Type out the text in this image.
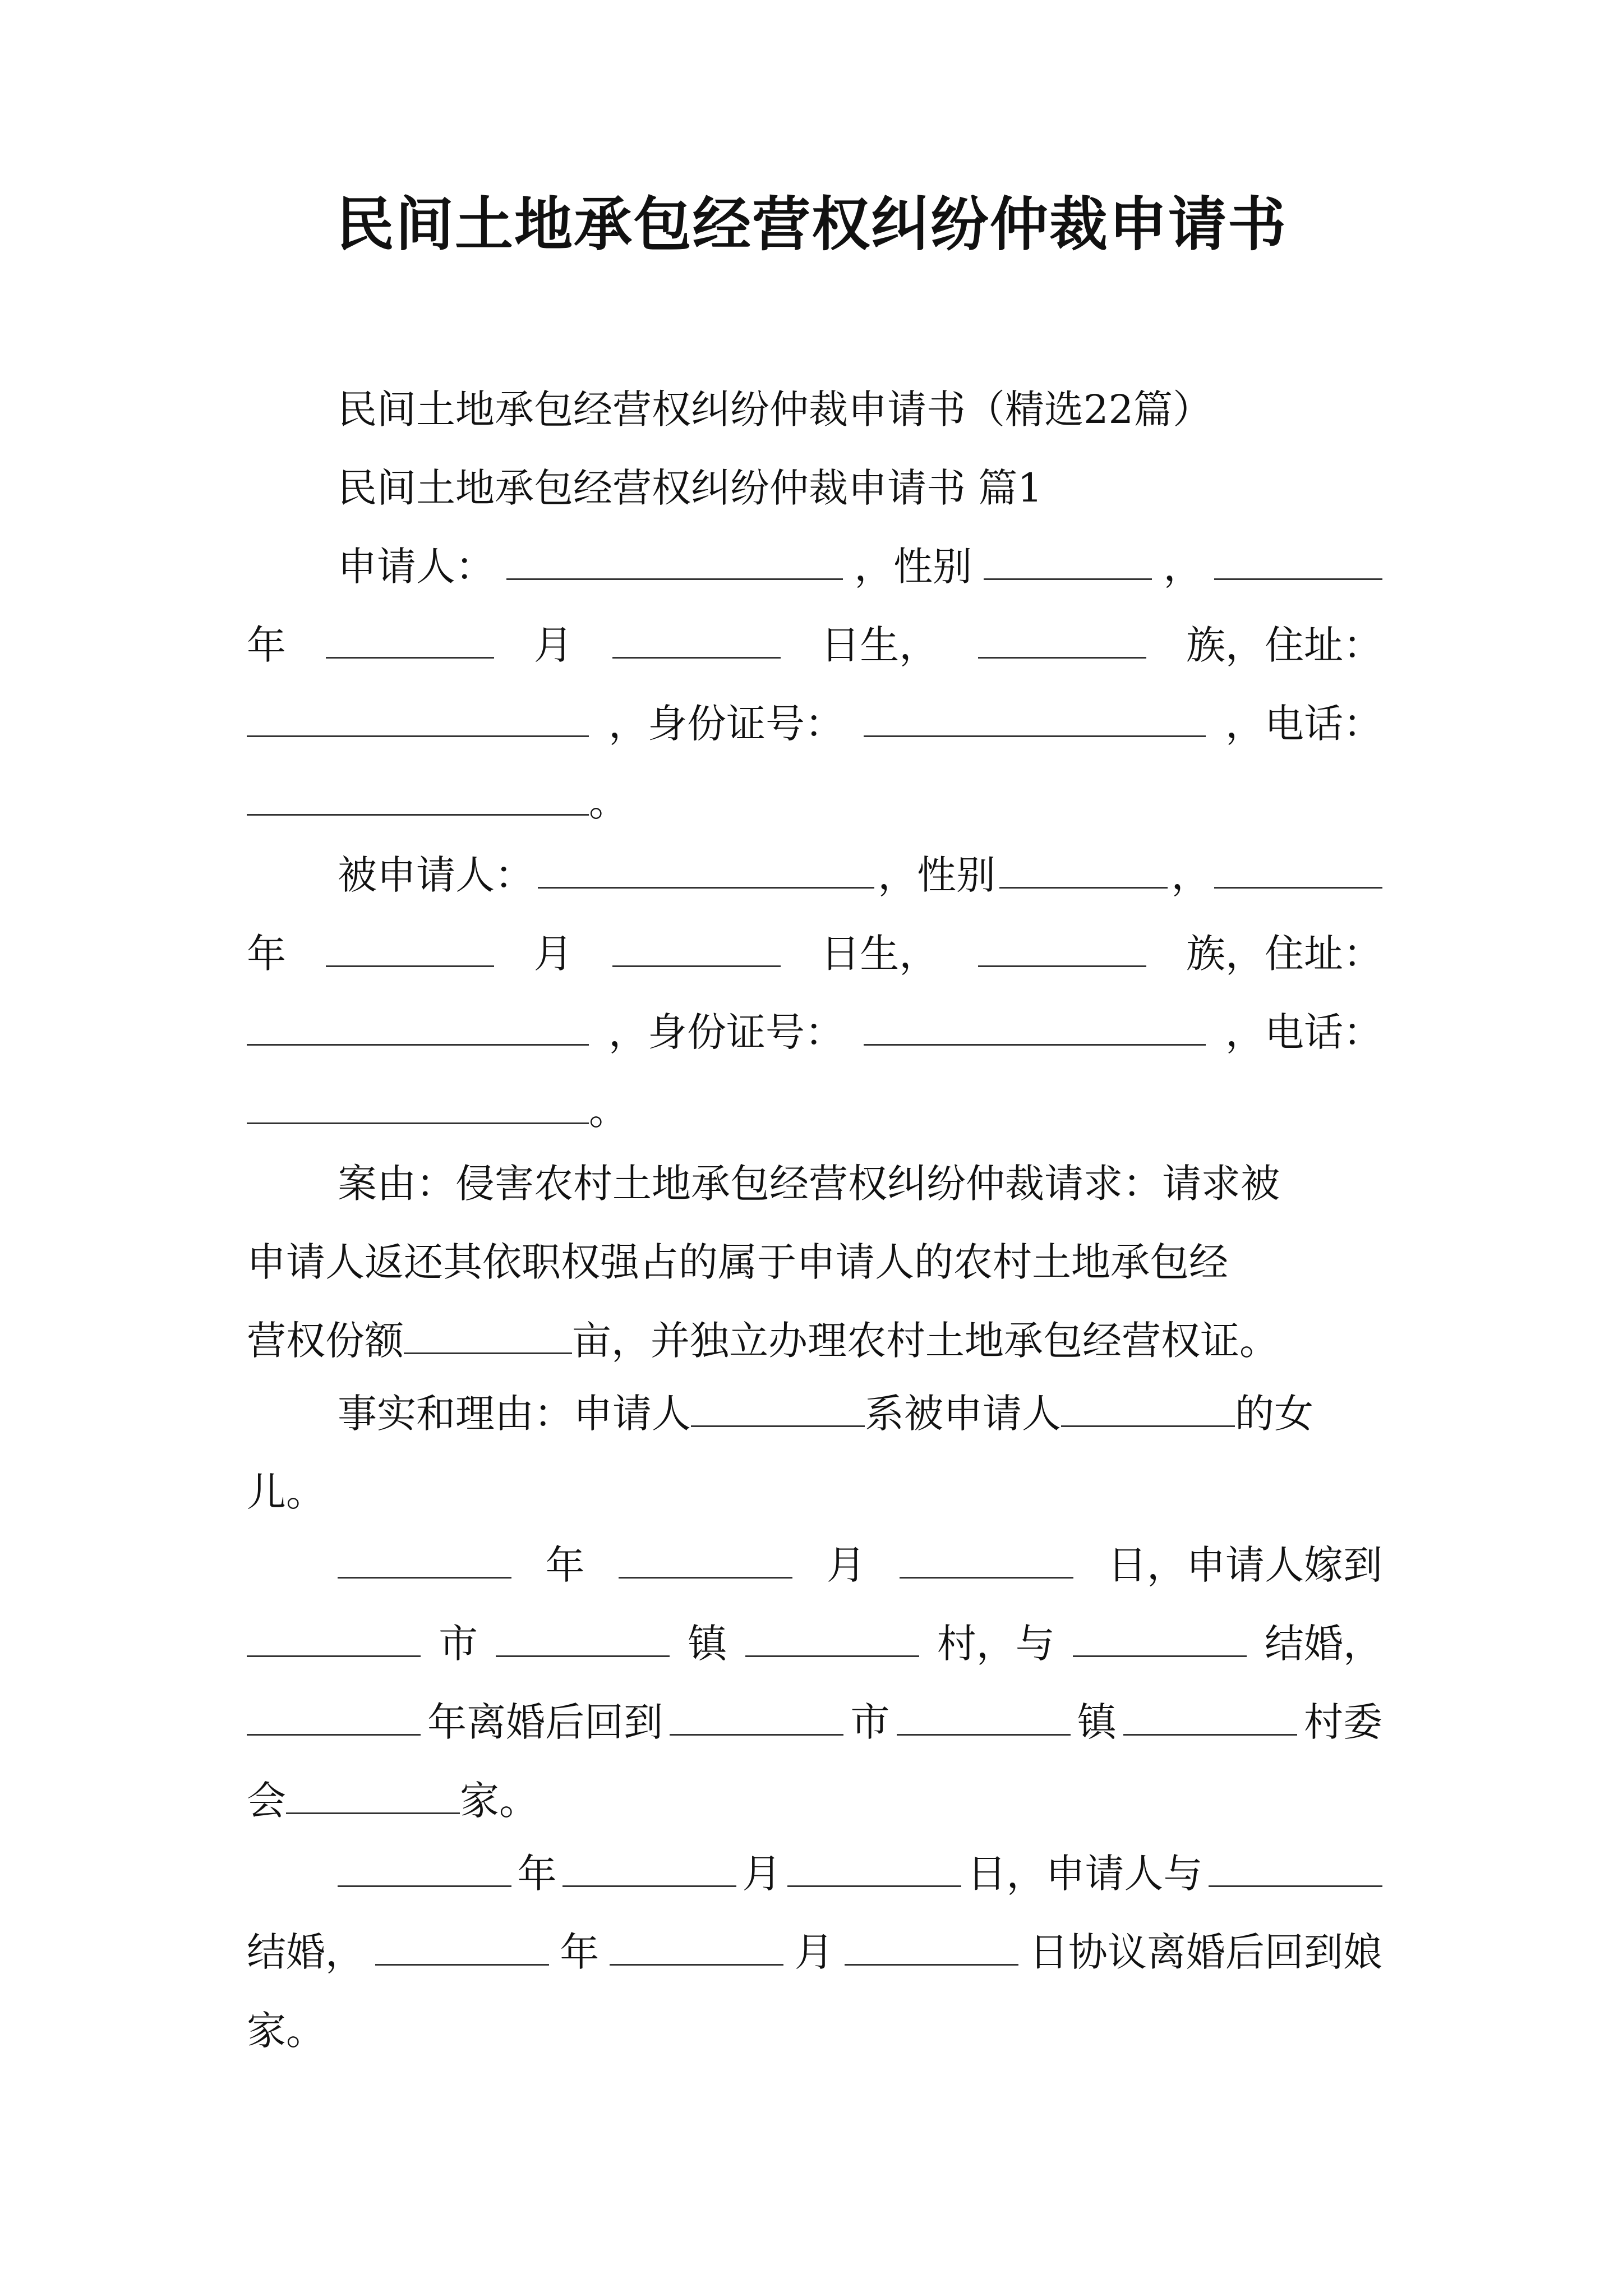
民间土地承包经营权纠纷仲裁申请书
民间土地承包经营权纠纷仲裁申请书（精选22篇）
民间土地承包经营权纠纷仲裁申请书 篇1
申请人：	，性别	，
年	月	日生，	族，住址：
，身份证号：	，电话：
。
被申请人：	，性别	，
年	月	日生，	族，住址：
，身份证号：	，电话：
。
案由：侵害农村土地承包经营权纠纷仲裁请求：请求被
申请人返还其依职权强占的属于申请人的农村土地承包经
营权份额	亩，并独立办理农村土地承包经营权证。
事实和理由：申请人	系被申请人	的女
儿。
年	月	日，申请人嫁到
市	镇	村，与	结婚，
年离婚后回到	市	镇	村委
会	家。
年	月	日，申请人与
结婚，	年	月	日协议离婚后回到娘
家。
